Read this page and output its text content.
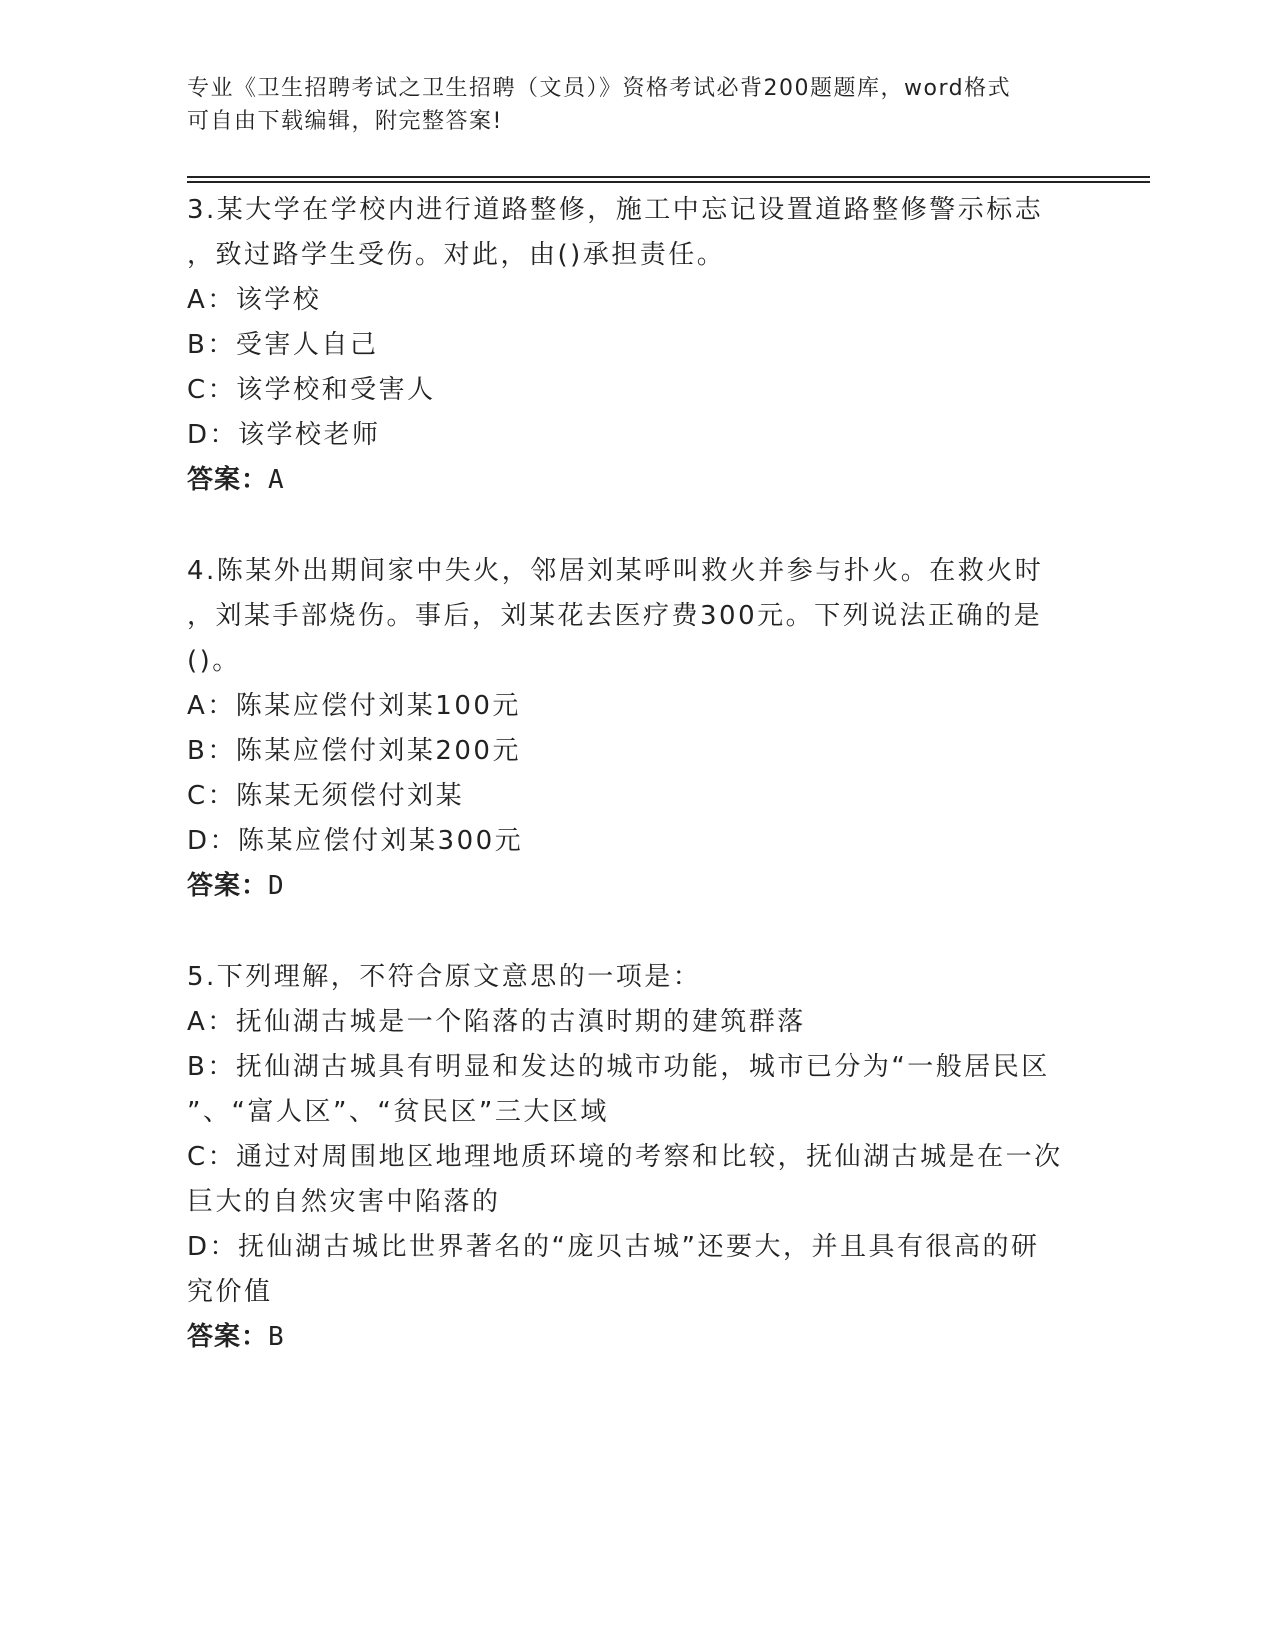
专业《卫生招聘考试之卫生招聘（文员）》资格考试必背200题题库，word格式
可自由下载编辑，附完整答案!
3.某大学在学校内进行道路整修，施工中忘记设置道路整修警示标志
，致过路学生受伤。对此，由()承担责任。
A：该学校
B：受害人自己
C：该学校和受害人
D：该学校老师
答案：A
4.陈某外出期间家中失火，邻居刘某呼叫救火并参与扑火。在救火时
，刘某手部烧伤。事后，刘某花去医疗费300元。下列说法正确的是
()。
A：陈某应偿付刘某100元
B：陈某应偿付刘某200元
C：陈某无须偿付刘某
D：陈某应偿付刘某300元
答案：D
5.下列理解，不符合原文意思的一项是：
A：抚仙湖古城是一个陷落的古滇时期的建筑群落
B：抚仙湖古城具有明显和发达的城市功能，城市已分为“一般居民区
”、“富人区”、“贫民区”三大区域
C：通过对周围地区地理地质环境的考察和比较，抚仙湖古城是在一次
巨大的自然灾害中陷落的
D：抚仙湖古城比世界著名的“庞贝古城”还要大，并且具有很高的研
究价值
答案：B
